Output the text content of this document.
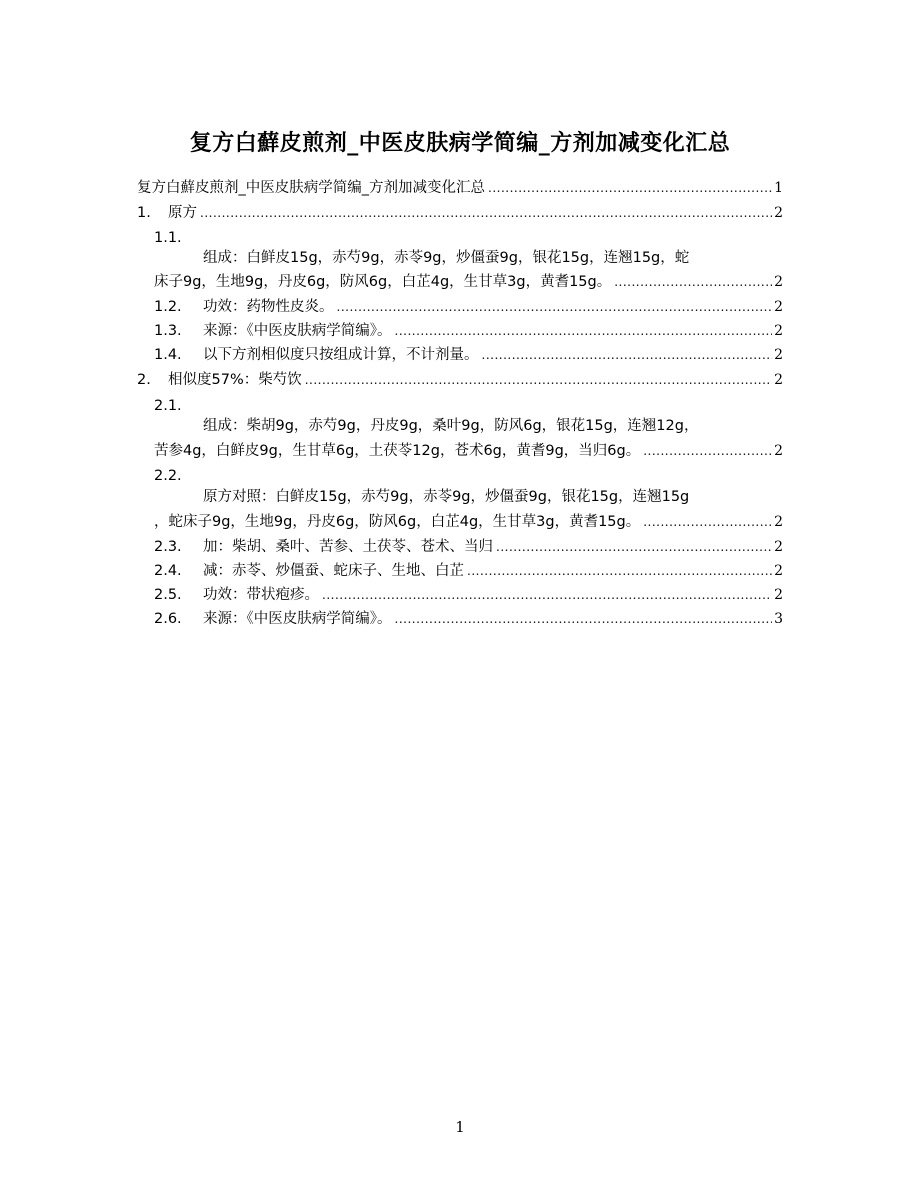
复方白蘚皮煎剂_中医皮肤病学简编_方剂加减变化汇总
复方白蘚皮煎剂_中医皮肤病学简编_方剂加减变化汇总 .....	1
1.	原方 .....	2
1.1.
组成：白鲜皮15g，赤芍9g，赤苓9g，炒僵蚕9g，银花15g，连翘15g，蛇
床子9g，生地9g，丹皮6g，防风6g，白芷4g，生甘草3g，黄耆15g。 .....	2
1.2.	功效：药物性皮炎。 .....	2
1.3.	来源：《中医皮肤病学简编》。 .....	2
1.4.	以下方剂相似度只按组成计算，不计剂量。 .....	2
2.	相似度57%：柴芍饮 .....	2
2.1.
组成：柴胡9g，赤芍9g，丹皮9g，桑叶9g，防风6g，银花15g，连翘12g，
苦参4g，白鲜皮9g，生甘草6g，土茯苓12g，苍术6g，黄耆9g，当归6g。 .....	2
2.2.
原方对照：白鲜皮15g，赤芍9g，赤苓9g，炒僵蚕9g，银花15g，连翘15g
，蛇床子9g，生地9g，丹皮6g，防风6g，白芷4g，生甘草3g，黄耆15g。 .....	2
2.3.	加：柴胡、桑叶、苦参、土茯苓、苍术、当归 .....	2
2.4.	减：赤苓、炒僵蚕、蛇床子、生地、白芷 .....	2
2.5.	功效：带状疱疹。 .....	2
2.6.	来源：《中医皮肤病学简编》。 .....	3
1
